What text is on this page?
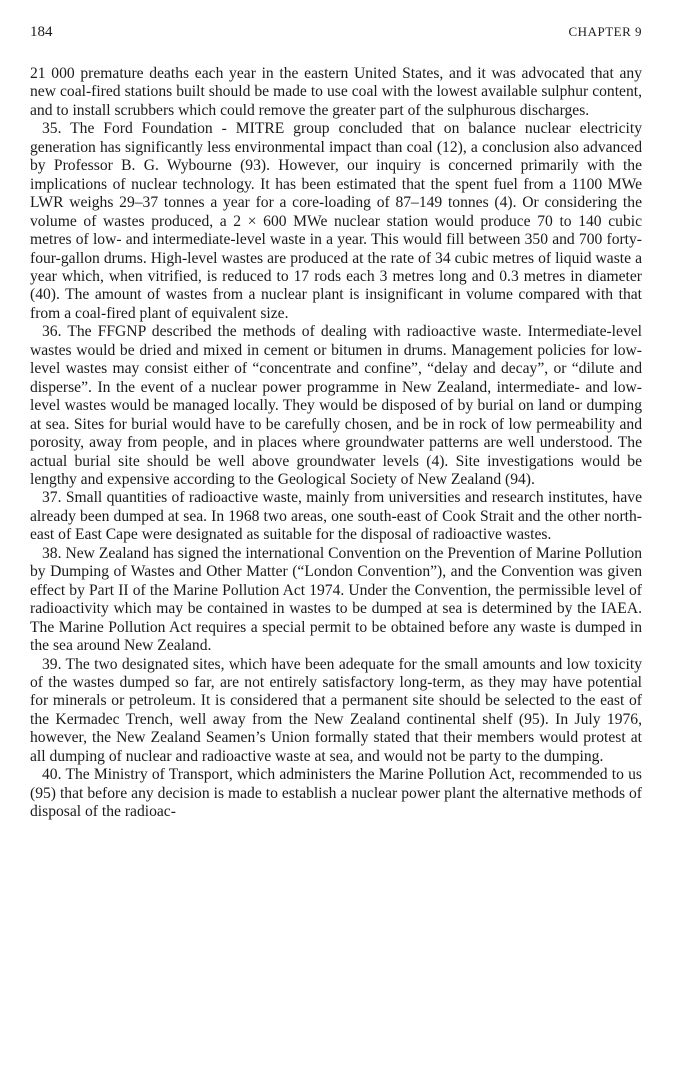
184	CHAPTER 9

21 000 premature deaths each year in the eastern United States, and it was advocated that any new coal-fired stations built should be made to use coal with the lowest available sulphur content, and to install scrubbers which could remove the greater part of the sulphurous discharges.

35. The Ford Foundation - MITRE group concluded that on balance nuclear electricity generation has significantly less environmental impact than coal (12), a conclusion also advanced by Professor B. G. Wybourne (93). However, our inquiry is concerned primarily with the implications of nuclear technology. It has been estimated that the spent fuel from a 1100 MWe LWR weighs 29–37 tonnes a year for a core-loading of 87–149 tonnes (4). Or considering the volume of wastes produced, a 2 × 600 MWe nuclear station would produce 70 to 140 cubic metres of low- and intermediate-level waste in a year. This would fill between 350 and 700 forty-four-gallon drums. High-level wastes are produced at the rate of 34 cubic metres of liquid waste a year which, when vitrified, is reduced to 17 rods each 3 metres long and 0.3 metres in diameter (40). The amount of wastes from a nuclear plant is insignificant in volume compared with that from a coal-fired plant of equivalent size.

36. The FFGNP described the methods of dealing with radioactive waste. Intermediate-level wastes would be dried and mixed in cement or bitumen in drums. Management policies for low-level wastes may consist either of “concentrate and confine”, “delay and decay”, or “dilute and disperse”. In the event of a nuclear power programme in New Zealand, intermediate- and low-level wastes would be managed locally. They would be disposed of by burial on land or dumping at sea. Sites for burial would have to be carefully chosen, and be in rock of low permeability and porosity, away from people, and in places where groundwater patterns are well understood. The actual burial site should be well above groundwater levels (4). Site investigations would be lengthy and expensive according to the Geological Society of New Zealand (94).

37. Small quantities of radioactive waste, mainly from universities and research institutes, have already been dumped at sea. In 1968 two areas, one south-east of Cook Strait and the other north-east of East Cape were designated as suitable for the disposal of radioactive wastes.

38. New Zealand has signed the international Convention on the Prevention of Marine Pollution by Dumping of Wastes and Other Matter (“London Convention”), and the Convention was given effect by Part II of the Marine Pollution Act 1974. Under the Convention, the permissible level of radioactivity which may be contained in wastes to be dumped at sea is determined by the IAEA. The Marine Pollution Act requires a special permit to be obtained before any waste is dumped in the sea around New Zealand.

39. The two designated sites, which have been adequate for the small amounts and low toxicity of the wastes dumped so far, are not entirely satisfactory long-term, as they may have potential for minerals or petroleum. It is considered that a permanent site should be selected to the east of the Kermadec Trench, well away from the New Zealand continental shelf (95). In July 1976, however, the New Zealand Seamen’s Union formally stated that their members would protest at all dumping of nuclear and radioactive waste at sea, and would not be party to the dumping.

40. The Ministry of Transport, which administers the Marine Pollution Act, recommended to us (95) that before any decision is made to establish a nuclear power plant the alternative methods of disposal of the radioac-
